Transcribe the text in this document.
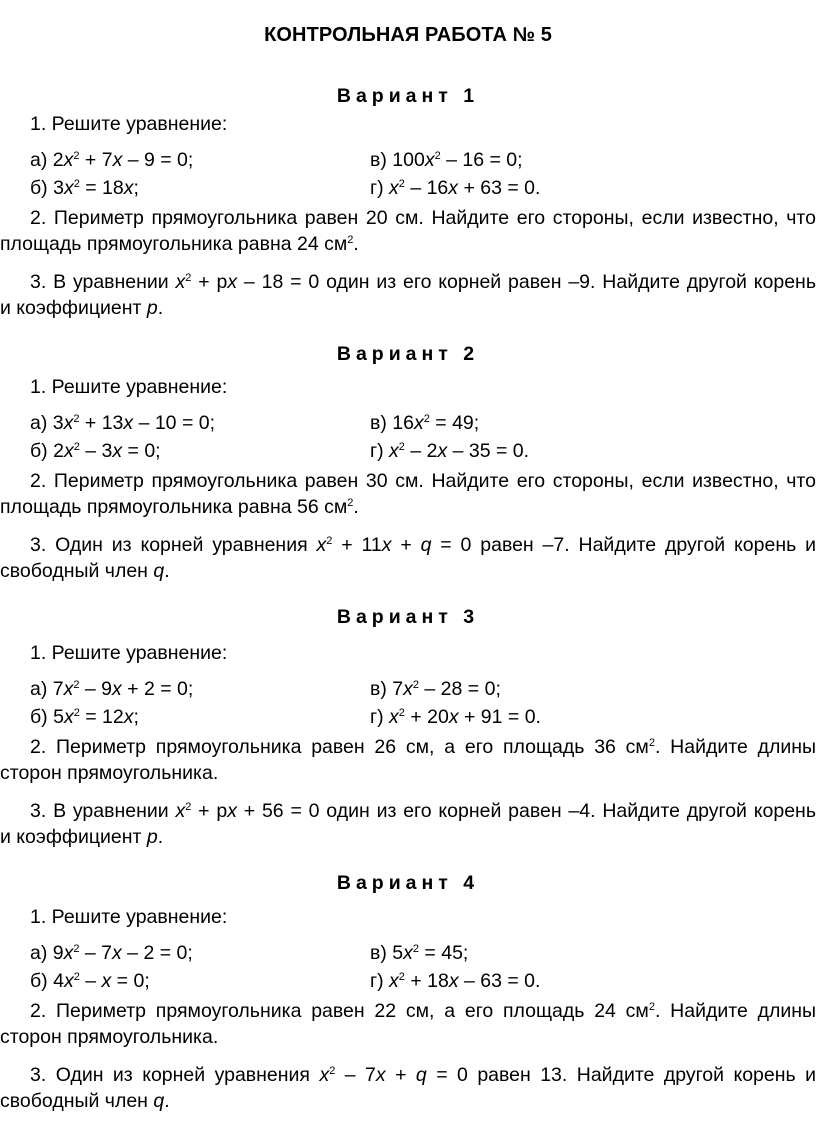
КОНТРОЛЬНАЯ РАБОТА № 5
Вариант 1
1. Решите уравнение:
а) $2x^2 + 7x - 9 = 0$;	в) $100x^2 - 16 = 0$;
б) $3x^2 = 18x$;	г) $x^2 - 16x + 63 = 0$.
2. Периметр прямоугольника равен 20 см. Найдите его стороны, если известно, что
площадь прямоугольника равна 24 $см^2$.
3. В уравнении $x^2$ + px – 18 = 0 один из его корней равен –9. Найдите другой корень
и коэффициент p.
Вариант 2
1. Решите уравнение:
а) $3x^2 + 13x - 10 = 0$;	в) $16x^2 = 49$;
б) $2x^2 - 3x = 0$;	г) $x^2 - 2x - 35 = 0$.
2. Периметр прямоугольника равен 30 см. Найдите его стороны, если известно, что
площадь прямоугольника равна 56 $см^2$.
3. Один из корней уравнения $x^2 + 11x + q = 0$ равен –7. Найдите другой корень и
свободный член q.
Вариант 3
1. Решите уравнение:
а) $7x^2 - 9x + 2 = 0$;	в) $7x^2 - 28 = 0$;
б) $5x^2 = 12x$;	г) $x^2 + 20x + 91 = 0$.
2. Периметр прямоугольника равен 26 см, а его площадь 36 $см^2$. Найдите длины
сторон прямоугольника.
3. В уравнении $x^2$ + px + 56 = 0 один из его корней равен –4. Найдите другой корень
и коэффициент p.
Вариант 4
1. Решите уравнение:
а) $9x^2 - 7x - 2 = 0$;	в) $5x^2 = 45$;
б) $4x^2 - x = 0$;	г) $x^2 + 18x - 63 = 0$.
2. Периметр прямоугольника равен 22 см, а его площадь 24 $см^2$. Найдите длины
сторон прямоугольника.
3. Один из корней уравнения $x^2 - 7x + q = 0$ равен 13. Найдите другой корень и
свободный член q.
